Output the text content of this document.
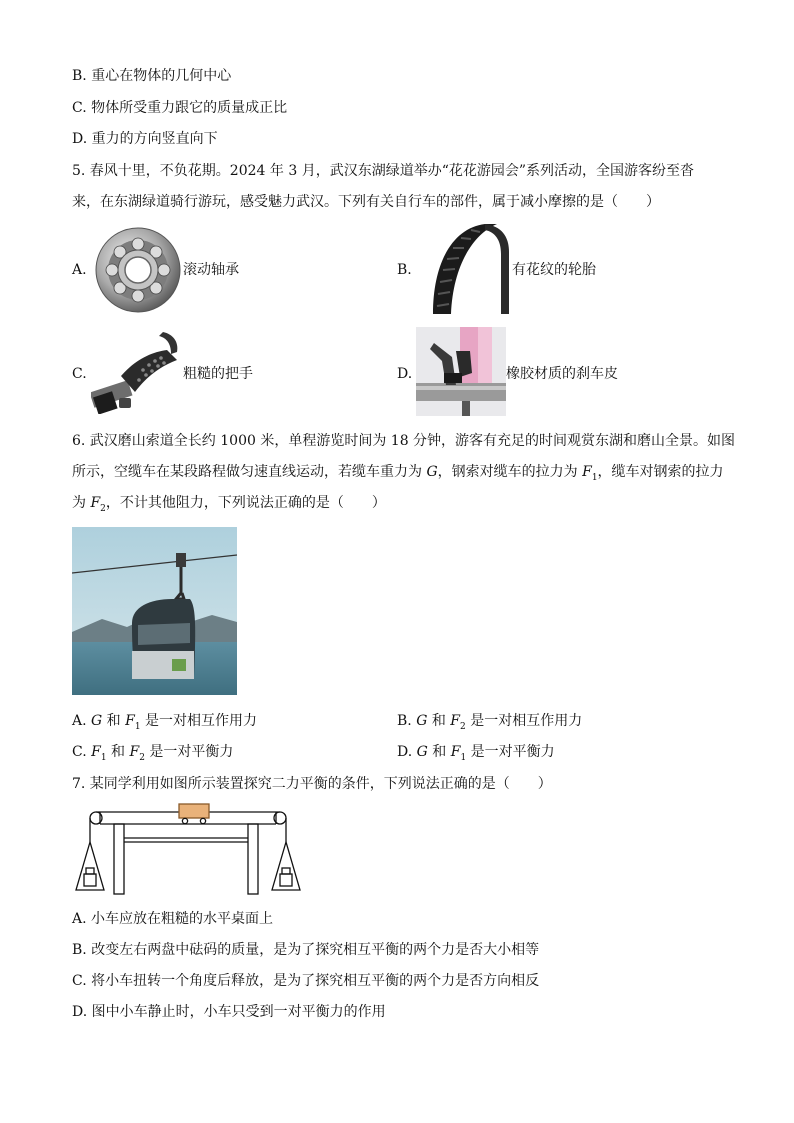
B. 重心在物体的几何中心
C. 物体所受重力跟它的质量成正比
D. 重力的方向竖直向下
5. 春风十里，不负花期。2024 年 3 月，武汉东湖绿道举办“花花游园会”系列活动，全国游客纷至沓
来，在东湖绿道骑行游玩，感受魅力武汉。下列有关自行车的部件，属于减小摩擦的是（　　）
A.	滚动轴承	B.	有花纹的轮胎
C.	粗糙的把手	D.	橡胶材质的刹车皮
6. 武汉磨山索道全长约 1000 米，单程游览时间为 18 分钟，游客有充足的时间观赏东湖和磨山全景。如图
所示，空缆车在某段路程做匀速直线运动，若缆车重力为 G，钢索对缆车的拉力为 $F_1$，缆车对钢索的拉力
为 $F_2$，不计其他阻力，下列说法正确的是（　　）
A. G 和 $F_1$ 是一对相互作用力	B. G 和 $F_2$ 是一对相互作用力
C. $F_1$ 和 $F_2$ 是一对平衡力	D. G 和 $F_1$ 是一对平衡力
7. 某同学利用如图所示装置探究二力平衡的条件，下列说法正确的是（　　）
A. 小车应放在粗糙的水平桌面上
B. 改变左右两盘中砝码的质量，是为了探究相互平衡的两个力是否大小相等
C. 将小车扭转一个角度后释放，是为了探究相互平衡的两个力是否方向相反
D. 图中小车静止时，小车只受到一对平衡力的作用
